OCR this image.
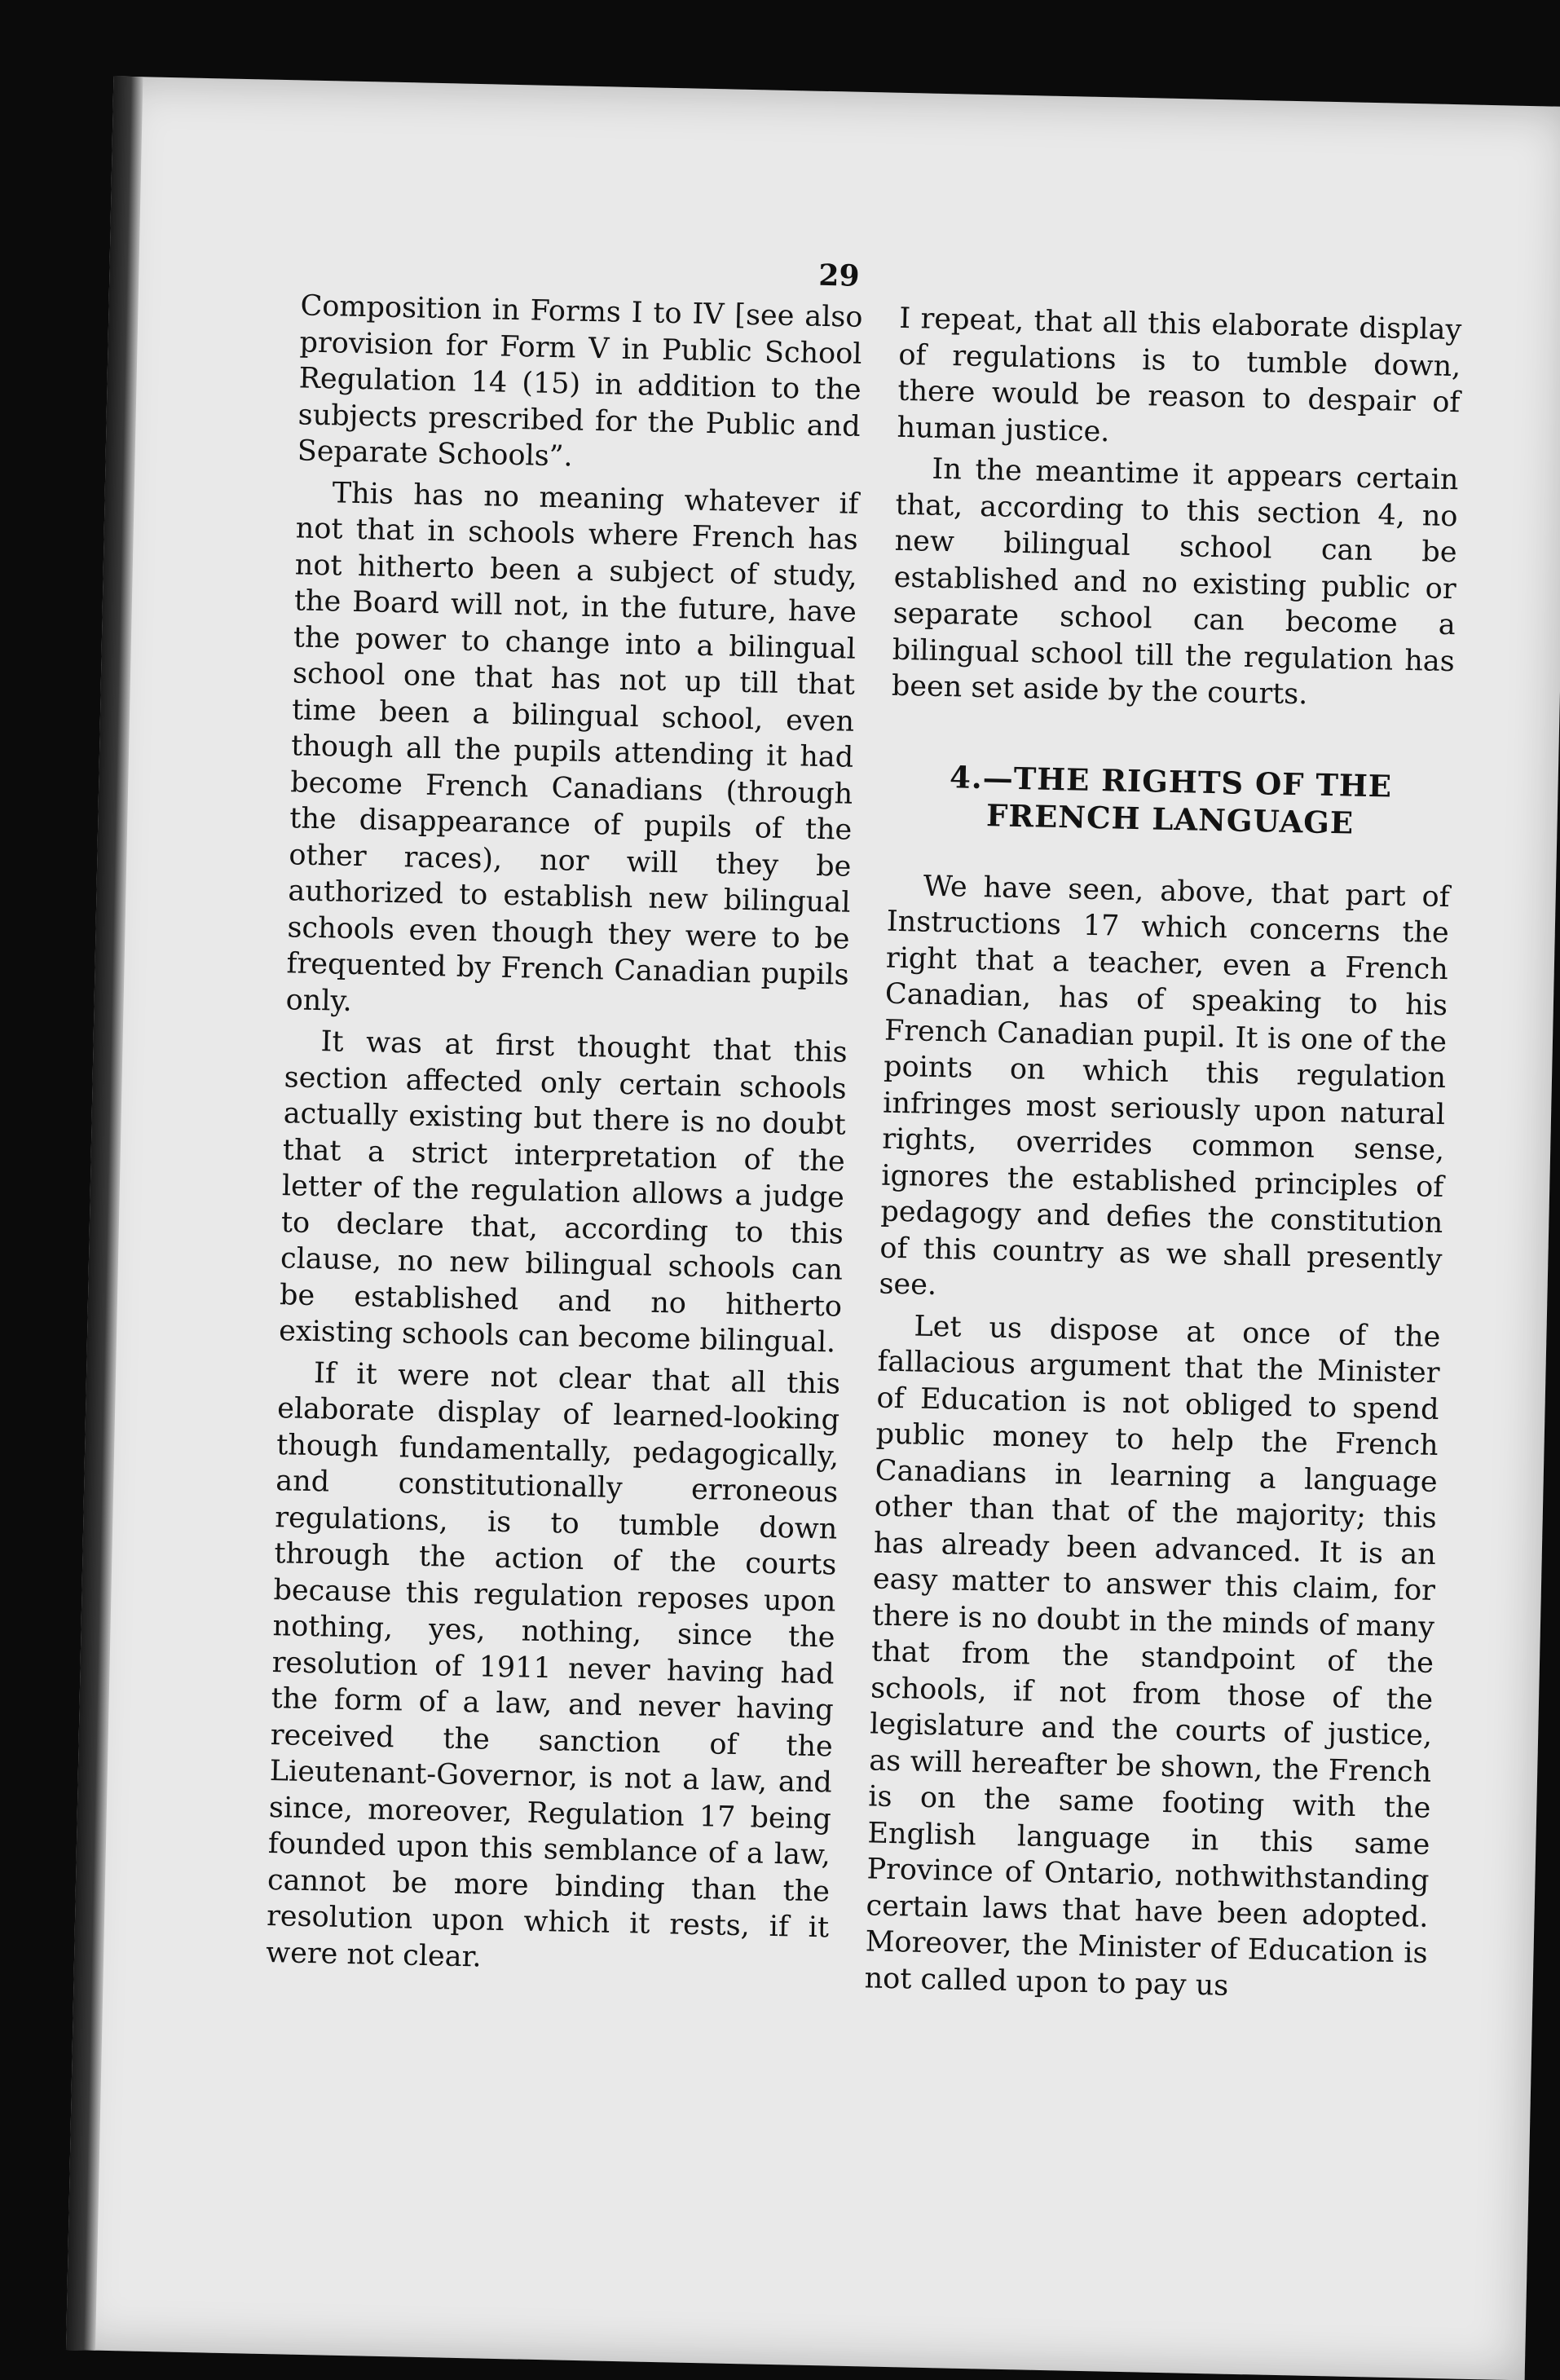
29

Composition in Forms I to IV [see also provision for Form V in Public School Regulation 14 (15) in addition to the subjects prescribed for the Public and Separate Schools”.

This has no meaning whatever if not that in schools where French has not hitherto been a subject of study, the Board will not, in the future, have the power to change into a bilingual school one that has not up till that time been a bilingual school, even though all the pupils attending it had become French Canadians (through the disappearance of pupils of the other races), nor will they be authorized to establish new bilingual schools even though they were to be frequented by French Canadian pupils only.

It was at first thought that this section affected only certain schools actually existing but there is no doubt that a strict interpretation of the letter of the regulation allows a judge to declare that, according to this clause, no new bilingual schools can be established and no hitherto existing schools can become bilingual.

If it were not clear that all this elaborate display of learned-looking though fundamentally, pedagogically, and constitutionally erroneous regulations, is to tumble down through the action of the courts because this regulation reposes upon nothing, yes, nothing, since the resolution of 1911 never having had the form of a law, and never having received the sanction of the Lieutenant-Governor, is not a law, and since, moreover, Regulation 17 being founded upon this semblance of a law, cannot be more binding than the resolution upon which it rests, if it were not clear.

I repeat, that all this elaborate display of regulations is to tumble down, there would be reason to despair of human justice.

In the meantime it appears certain that, according to this section 4, no new bilingual school can be established and no existing public or separate school can become a bilingual school till the regulation has been set aside by the courts.

4.—THE RIGHTS OF THE
FRENCH LANGUAGE

We have seen, above, that part of Instructions 17 which concerns the right that a teacher, even a French Canadian, has of speaking to his French Canadian pupil. It is one of the points on which this regulation infringes most seriously upon natural rights, overrides common sense, ignores the established principles of pedagogy and defies the constitution of this country as we shall presently see.

Let us dispose at once of the fallacious argument that the Minister of Education is not obliged to spend public money to help the French Canadians in learning a language other than that of the majority; this has already been advanced. It is an easy matter to answer this claim, for there is no doubt in the minds of many that from the standpoint of the schools, if not from those of the legislature and the courts of justice, as will hereafter be shown, the French is on the same footing with the English language in this same Province of Ontario, nothwithstanding certain laws that have been adopted. Moreover, the Minister of Education is not called upon to pay us
